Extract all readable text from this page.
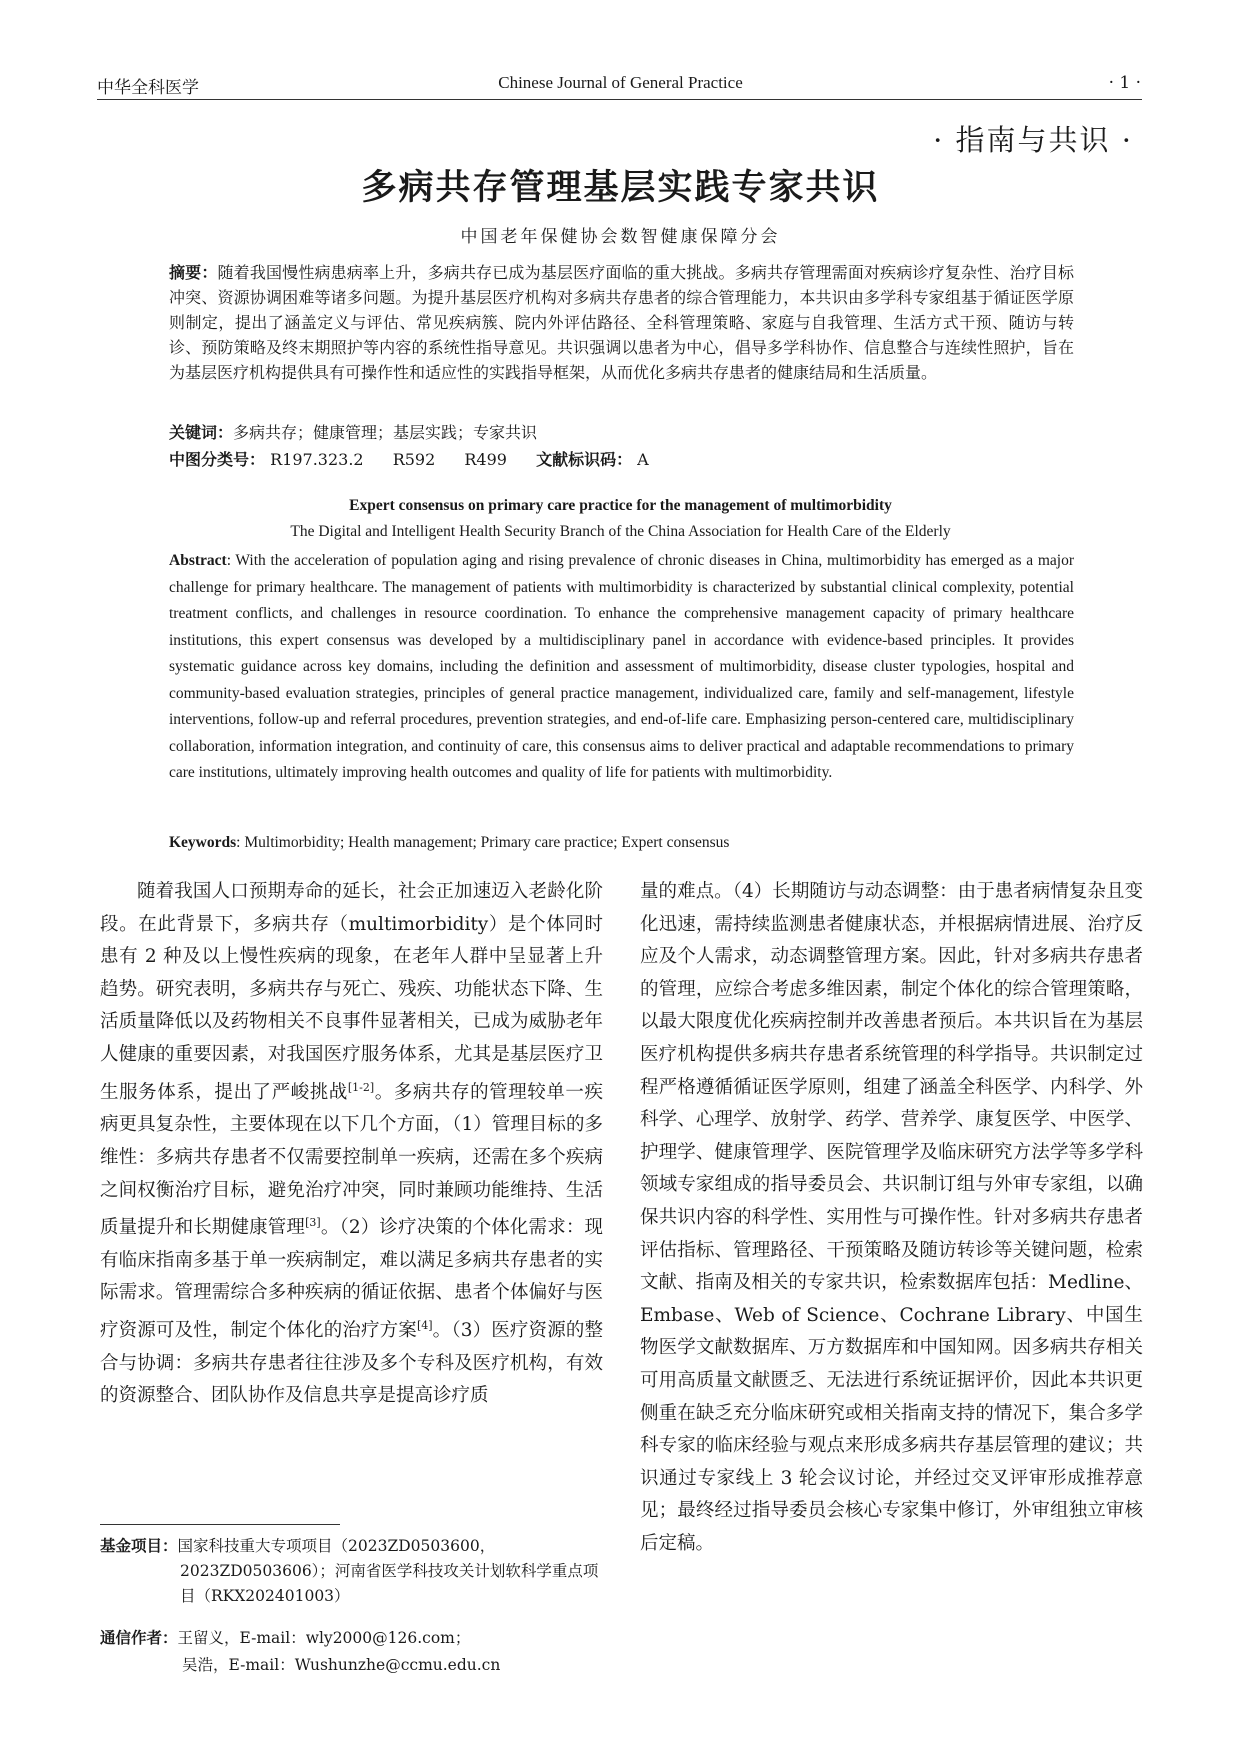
中华全科医学	Chinese Journal of General Practice	· 1 ·
· 指南与共识 ·
多病共存管理基层实践专家共识
中国老年保健协会数智健康保障分会
摘要：随着我国慢性病患病率上升，多病共存已成为基层医疗面临的重大挑战。多病共存管理需面对疾病诊疗复杂性、治疗目标冲突、资源协调困难等诸多问题。为提升基层医疗机构对多病共存患者的综合管理能力，本共识由多学科专家组基于循证医学原则制定，提出了涵盖定义与评估、常见疾病簇、院内外评估路径、全科管理策略、家庭与自我管理、生活方式干预、随访与转诊、预防策略及终末期照护等内容的系统性指导意见。共识强调以患者为中心，倡导多学科协作、信息整合与连续性照护，旨在为基层医疗机构提供具有可操作性和适应性的实践指导框架，从而优化多病共存患者的健康结局和生活质量。
关键词：多病共存；健康管理；基层实践；专家共识
中图分类号： R197.323.2 R592 R499 文献标识码： A
Expert consensus on primary care practice for the management of multimorbidity
The Digital and Intelligent Health Security Branch of the China Association for Health Care of the Elderly
Abstract: With the acceleration of population aging and rising prevalence of chronic diseases in China, multimorbidity has emerged as a major challenge for primary healthcare. The management of patients with multimorbidity is characterized by substantial clinical complexity, potential treatment conflicts, and challenges in resource coordination. To enhance the comprehensive management capacity of primary healthcare institutions, this expert consensus was developed by a multidisciplinary panel in accordance with evidence-based principles. It provides systematic guidance across key domains, including the definition and assessment of multimorbidity, disease cluster typologies, hospital and community-based evaluation strategies, principles of general practice management, individualized care, family and self-management, lifestyle interventions, follow-up and referral procedures, prevention strategies, and end-of-life care. Emphasizing person-centered care, multidisciplinary collaboration, information integration, and continuity of care, this consensus aims to deliver practical and adaptable recommendations to primary care institutions, ultimately improving health outcomes and quality of life for patients with multimorbidity.
Keywords: Multimorbidity; Health management; Primary care practice; Expert consensus
随着我国人口预期寿命的延长，社会正加速迈入老龄化阶段。在此背景下，多病共存（multimorbidity）是个体同时患有 2 种及以上慢性疾病的现象，在老年人群中呈显著上升趋势。研究表明，多病共存与死亡、残疾、功能状态下降、生活质量降低以及药物相关不良事件显著相关，已成为威胁老年人健康的重要因素，对我国医疗服务体系，尤其是基层医疗卫生服务体系，提出了严峻挑战[1-2]。多病共存的管理较单一疾病更具复杂性，主要体现在以下几个方面，（1）管理目标的多维性：多病共存患者不仅需要控制单一疾病，还需在多个疾病之间权衡治疗目标，避免治疗冲突，同时兼顾功能维持、生活质量提升和长期健康管理[3]。（2）诊疗决策的个体化需求：现有临床指南多基于单一疾病制定，难以满足多病共存患者的实际需求。管理需综合多种疾病的循证依据、患者个体偏好与医疗资源可及性，制定个体化的治疗方案[4]。（3）医疗资源的整合与协调：多病共存患者往往涉及多个专科及医疗机构，有效的资源整合、团队协作及信息共享是提高诊疗质
量的难点。（4）长期随访与动态调整：由于患者病情复杂且变化迅速，需持续监测患者健康状态，并根据病情进展、治疗反应及个人需求，动态调整管理方案。因此，针对多病共存患者的管理，应综合考虑多维因素，制定个体化的综合管理策略，以最大限度优化疾病控制并改善患者预后。本共识旨在为基层医疗机构提供多病共存患者系统管理的科学指导。共识制定过程严格遵循循证医学原则，组建了涵盖全科医学、内科学、外科学、心理学、放射学、药学、营养学、康复医学、中医学、护理学、健康管理学、医院管理学及临床研究方法学等多学科领域专家组成的指导委员会、共识制订组与外审专家组，以确保共识内容的科学性、实用性与可操作性。针对多病共存患者评估指标、管理路径、干预策略及随访转诊等关键问题，检索文献、指南及相关的专家共识，检索数据库包括：Medline、Embase、Web of Science、Cochrane Library、中国生物医学文献数据库、万方数据库和中国知网。因多病共存相关可用高质量文献匮乏、无法进行系统证据评价，因此本共识更侧重在缺乏充分临床研究或相关指南支持的情况下，集合多学科专家的临床经验与观点来形成多病共存基层管理的建议；共识通过专家线上 3 轮会议讨论，并经过交叉评审形成推荐意见；最终经过指导委员会核心专家集中修订，外审组独立审核后定稿。
基金项目：国家科技重大专项项目（2023ZD0503600，2023ZD0503606）；河南省医学科技攻关计划软科学重点项目（RKX202401003）
通信作者：王留义，E-mail：wly2000@126.com；
吴浩，E-mail：Wushunzhe@ccmu.edu.cn
